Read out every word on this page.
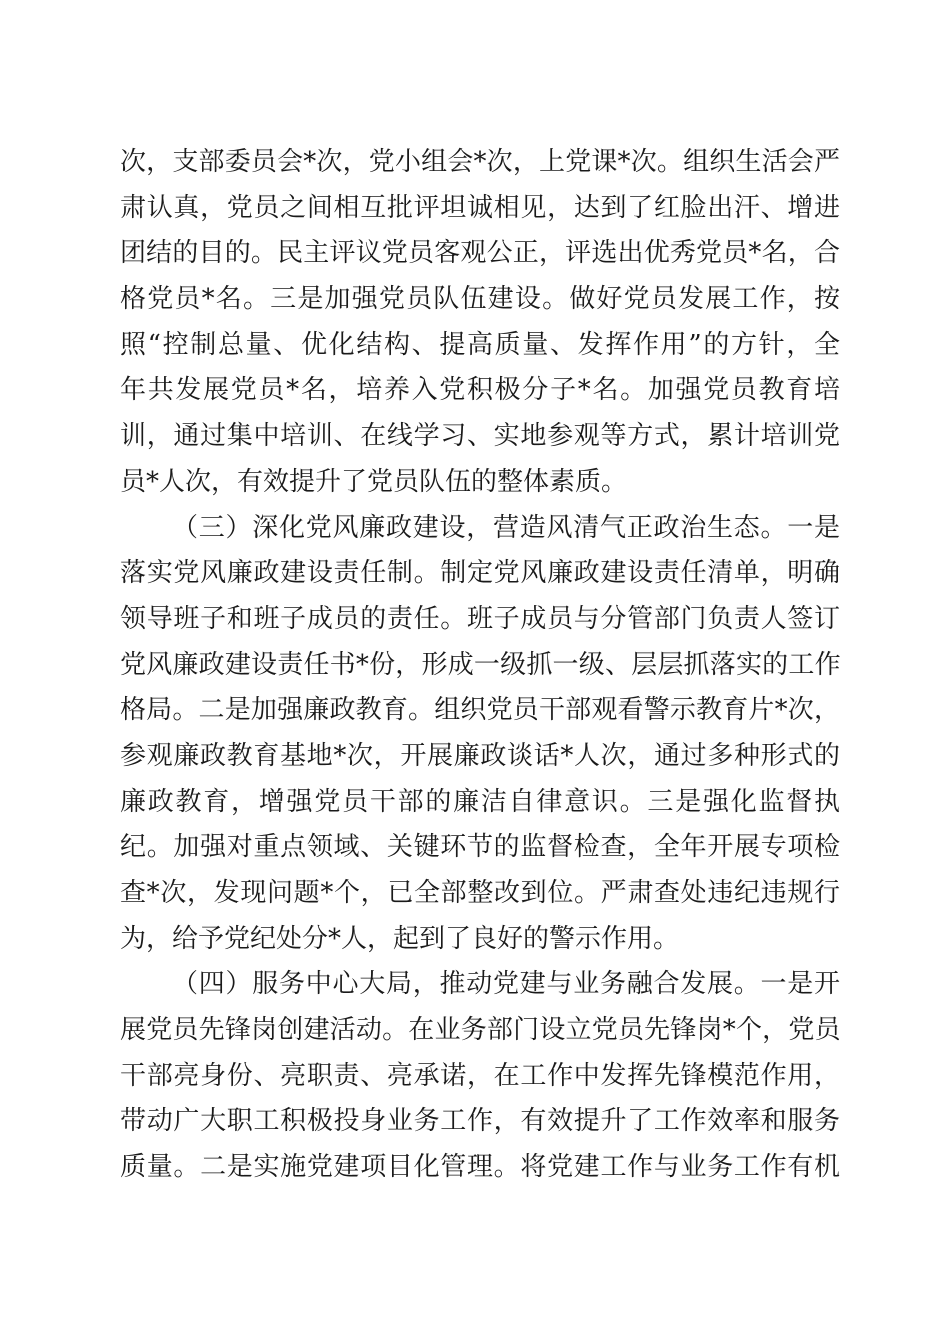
次，支部委员会*次，党小组会*次，上党课*次。组织生活会严
肃认真，党员之间相互批评坦诚相见，达到了红脸出汗、增进
团结的目的。民主评议党员客观公正，评选出优秀党员*名，合
格党员*名。三是加强党员队伍建设。做好党员发展工作，按
照“控制总量、优化结构、提高质量、发挥作用”的方针，全
年共发展党员*名，培养入党积极分子*名。加强党员教育培
训，通过集中培训、在线学习、实地参观等方式，累计培训党
员*人次，有效提升了党员队伍的整体素质。
（三）深化党风廉政建设，营造风清气正政治生态。一是
落实党风廉政建设责任制。制定党风廉政建设责任清单，明确
领导班子和班子成员的责任。班子成员与分管部门负责人签订
党风廉政建设责任书*份，形成一级抓一级、层层抓落实的工作
格局。二是加强廉政教育。组织党员干部观看警示教育片*次，
参观廉政教育基地*次，开展廉政谈话*人次，通过多种形式的
廉政教育，增强党员干部的廉洁自律意识。三是强化监督执
纪。加强对重点领域、关键环节的监督检查，全年开展专项检
查*次，发现问题*个，已全部整改到位。严肃查处违纪违规行
为，给予党纪处分*人，起到了良好的警示作用。
（四）服务中心大局，推动党建与业务融合发展。一是开
展党员先锋岗创建活动。在业务部门设立党员先锋岗*个，党员
干部亮身份、亮职责、亮承诺，在工作中发挥先锋模范作用，
带动广大职工积极投身业务工作，有效提升了工作效率和服务
质量。二是实施党建项目化管理。将党建工作与业务工作有机
